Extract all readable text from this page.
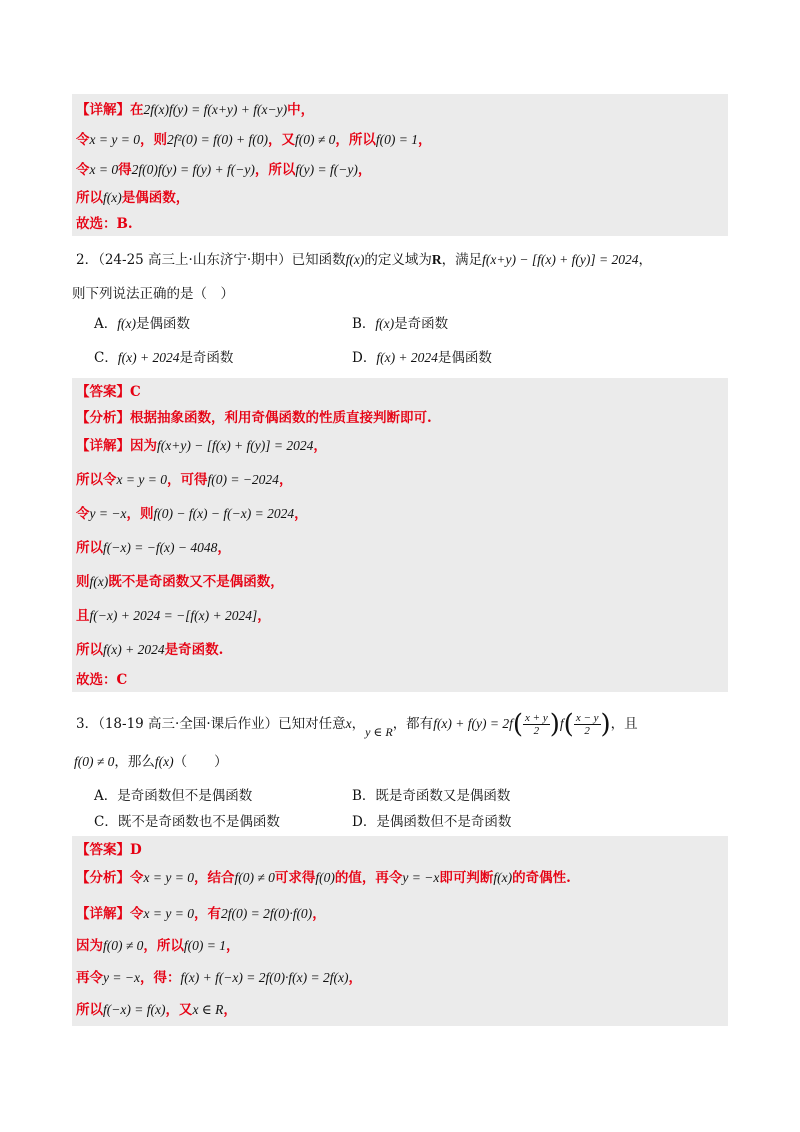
【详解】在2f(x)f(y) = f(x+y) + f(x−y)中，
令x = y = 0，则2f²(0) = f(0) + f(0)，又f(0) ≠ 0，所以f(0) = 1，
令x = 0得2f(0)f(y) = f(y) + f(−y)，所以f(y) = f(−y)，
所以f(x)是偶函数，
故选：B.
2．（24-25 高三上·山东济宁·期中）已知函数f(x)的定义域为R，满足f(x+y) − [f(x) + f(y)] = 2024，
则下列说法正确的是（　）
A．f(x)是偶函数	B．f(x)是奇函数
C．f(x) + 2024是奇函数	D．f(x) + 2024是偶函数
【答案】C
【分析】根据抽象函数，利用奇偶函数的性质直接判断即可.
【详解】因为f(x+y) − [f(x) + f(y)] = 2024，
所以令x = y = 0，可得f(0) = −2024，
令y = −x，则f(0) − f(x) − f(−x) = 2024，
所以f(−x) = −f(x) − 4048，
则f(x)既不是奇函数又不是偶函数，
且f(−x) + 2024 = −[f(x) + 2024]，
所以f(x) + 2024是奇函数.
故选：C
3．（18-19 高三·全国·课后作业）已知对任意x，y ∈ R，都有$f(x) + f(y) = 2f( \frac{x + y}{2} )f( \frac{x - y}{2}$ )，且
f(0) ≠ 0，那么f(x)（　　）
A．是奇函数但不是偶函数	B．既是奇函数又是偶函数
C．既不是奇函数也不是偶函数	D．是偶函数但不是奇函数
【答案】D
【分析】令x = y = 0，结合f(0) ≠ 0可求得f(0)的值，再令y = −x即可判断f(x)的奇偶性.
【详解】令x = y = 0，有2f(0) = 2f(0)·f(0)，
因为f(0) ≠ 0，所以f(0) = 1，
再令y = −x，得：f(x) + f(−x) = 2f(0)·f(x) = 2f(x)，
所以f(−x) = f(x)，又x ∈ R，
